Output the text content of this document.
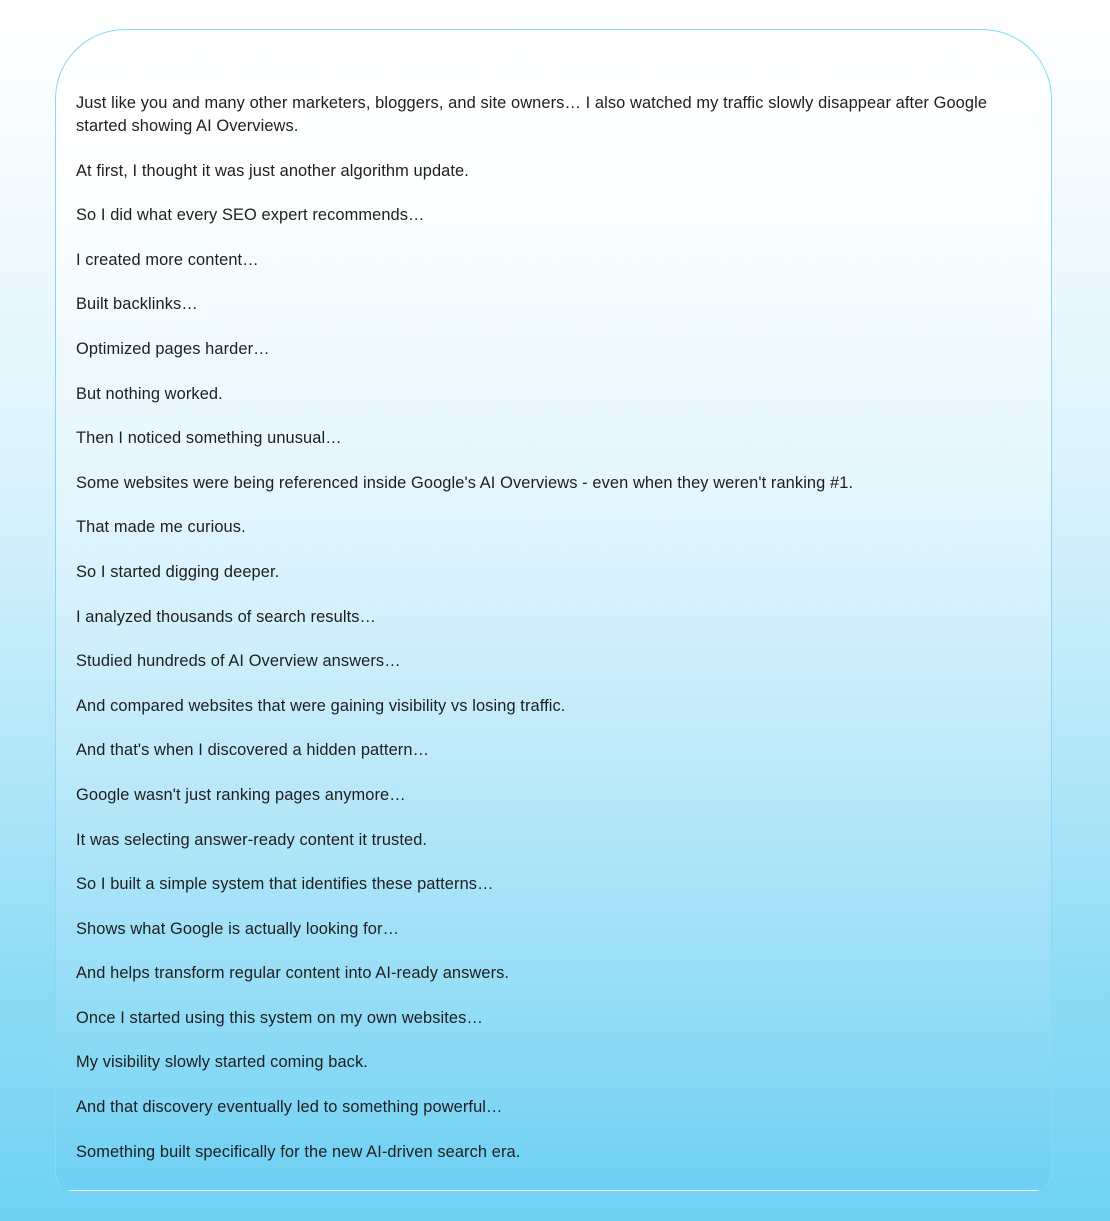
Just like you and many other marketers, bloggers, and site owners… I also watched my traffic slowly disappear after Google started showing AI Overviews.

At first, I thought it was just another algorithm update.

So I did what every SEO expert recommends…

I created more content…

Built backlinks…

Optimized pages harder…

But nothing worked.

Then I noticed something unusual…

Some websites were being referenced inside Google's AI Overviews - even when they weren't ranking #1.

That made me curious.

So I started digging deeper.

I analyzed thousands of search results…

Studied hundreds of AI Overview answers…

And compared websites that were gaining visibility vs losing traffic.

And that's when I discovered a hidden pattern…

Google wasn't just ranking pages anymore…

It was selecting answer-ready content it trusted.

So I built a simple system that identifies these patterns…

Shows what Google is actually looking for…

And helps transform regular content into AI-ready answers.

Once I started using this system on my own websites…

My visibility slowly started coming back.

And that discovery eventually led to something powerful…

Something built specifically for the new AI-driven search era.
